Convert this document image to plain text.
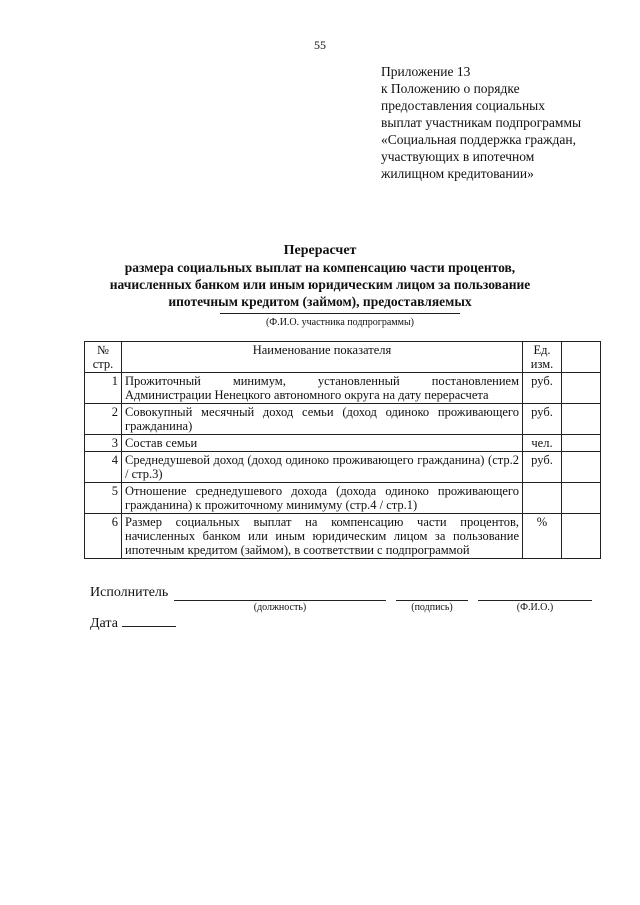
55
Приложение 13
к Положению о порядке
предоставления социальных
выплат участникам подпрограммы
«Социальная поддержка граждан,
участвующих в ипотечном
жилищном кредитовании»
Перерасчет
размера социальных выплат на компенсацию части процентов,
начисленных банком или иным юридическим лицом за пользование
ипотечным кредитом (займом), предоставляемых
(Ф.И.О. участника подпрограммы)
№ стр.	Наименование показателя	Ед. изм.	
1	Прожиточный минимум, установленный постановлением Администрации Ненецкого автономного округа на дату перерасчета	руб.	
2	Совокупный месячный доход семьи (доход одиноко проживающего гражданина)	руб.	
3	Состав семьи	чел.	
4	Среднедушевой доход (доход одиноко проживающего гражданина) (стр.2 / стр.3)	руб.	
5	Отношение среднедушевого дохода (дохода одиноко проживающего гражданина) к прожиточному минимуму (стр.4 / стр.1)		
6	Размер социальных выплат на компенсацию части процентов, начисленных банком или иным юридическим лицом за пользование ипотечным кредитом (займом), в соответствии с подпрограммой	%	
Исполнитель
(должность)	(подпись)	(Ф.И.О.)
Дата
